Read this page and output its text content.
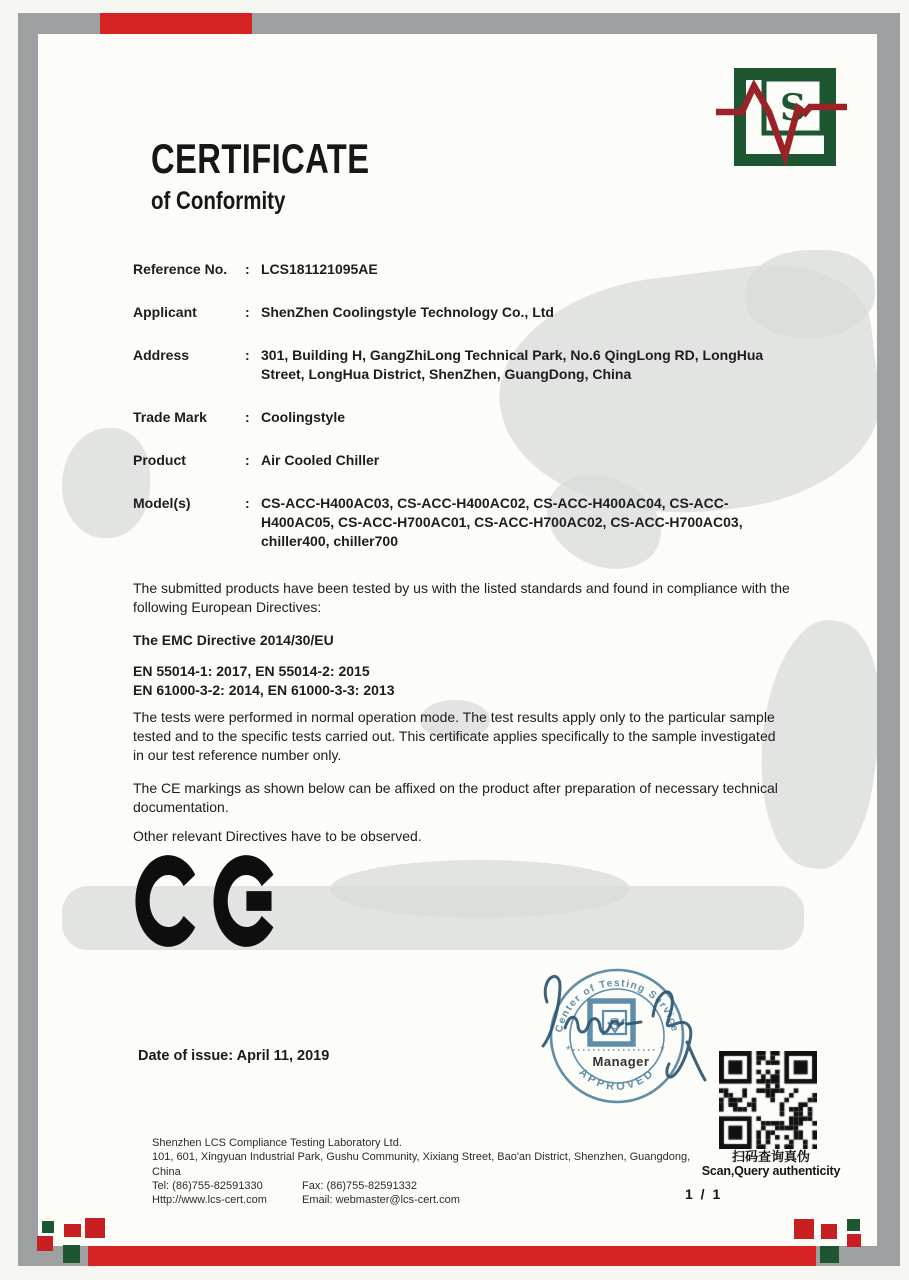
S
CERTIFICATE
of Conformity
Reference No.	: LCS181121095AE
Applicant	: ShenZhen Coolingstyle Technology Co., Ltd
Address	: 301, Building H, GangZhiLong Technical Park, No.6 QingLong RD, LongHua Street, LongHua District, ShenZhen, GuangDong, China
Trade Mark	: Coolingstyle
Product	: Air Cooled Chiller
Model(s)	: CS-ACC-H400AC03, CS-ACC-H400AC02, CS-ACC-H400AC04, CS-ACC-H400AC05, CS-ACC-H700AC01, CS-ACC-H700AC02, CS-ACC-H700AC03, chiller400, chiller700

The submitted products have been tested by us with the listed standards and found in compliance with the following European Directives:

The EMC Directive 2014/30/EU

EN 55014-1: 2017, EN 55014-2: 2015
EN 61000-3-2: 2014, EN 61000-3-3: 2013

The tests were performed in normal operation mode. The test results apply only to the particular sample tested and to the specific tests carried out. This certificate applies specifically to the sample investigated in our test reference number only.

The CE markings as shown below can be affixed on the product after preparation of necessary technical documentation.

Other relevant Directives have to be observed.

Date of issue: April 11, 2019
Center of Testing Service
APPROVED
*	*
S
Manager
扫码查询真伪
Scan,Query authenticity
1 / 1
Shenzhen LCS Compliance Testing Laboratory Ltd.
101, 601, Xingyuan Industrial Park, Gushu Community, Xixiang Street, Bao'an District, Shenzhen, Guangdong, China
Tel: (86)755-82591330	Fax: (86)755-82591332
Http://www.lcs-cert.com	Email: webmaster@lcs-cert.com
